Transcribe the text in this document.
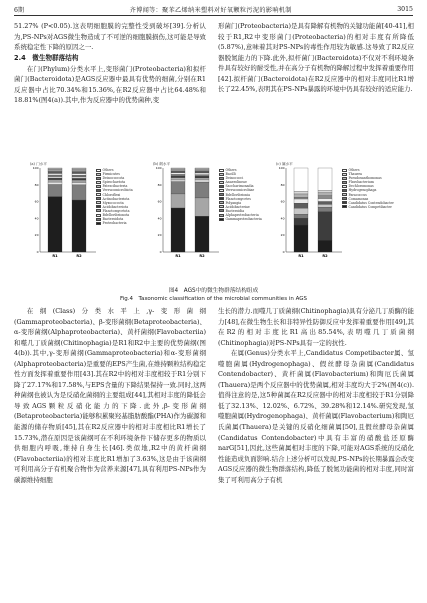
6期	齐博闻等：聚苯乙烯纳米塑料对好氧颗粒污泥的影响机制	3015

51.27% (P<0.05).这表明细胞膜的完整性受到破坏[39].分析认为,PS-NPs对AGS微生物造成了不可逆的细胞膜损伤,这可能是导致系统稳定性下降的原因之一.

2.4　微生物群落结构

在门(Phylum)分类水平上,变形菌门(Proteobacteria)和拟杆菌门(Bacteroidota)是AGS反应器中最具有优势的细菌,分别在R1反应器中占比70.34%和15.36%,在R2反应器中占比64.48%和18.81%(图4(a)).其中,作为反应器中的优势菌种,变

形菌门(Proteobacteria)是具有降解有机物的关键功能菌[40-41],相较于R1,R2中变形菌门(Proteobacteria)的相对丰度有所降低(5.87%),意味着其对PS-NPs的毒性作用较为敏感.这导致了R2反应器脱氮能力的下降.此外,拟杆菌门(Bacteroidota)不仅对不利环境条件具有较好的耐受性,并在高分子有机物的降解过程中发挥着重要作用[42].拟杆菌门(Bacteroidota)在R2反应器中的相对丰度同比R1增长了22.45%,表明其在PS-NPs暴露的环境中仍具有较好的适应能力.

(a) 门水平
0
20
40
60
80
100
R1	R2
Others
Firmicutes
Deinococcota
Spirochaetota
Patescibacteria
Verrucomicrobiota
Chloroflexi
Actinobacteriota
Myxococcota
Acidobacteriota
Planctomycetota
Bdellovibrionota
Bacteroidota
Proteobacteria
(b) 纲水平
0
20
40
60
80
100
R1	R2
Others
Bacilli
Deinococci
Anaerolineae
Saccharimonadia
Verrucomicrobiae
Bdellovibrionia
Planctomycetes
Polyangia
Acidobacteriae
Bacteroidia
Alphaproteobacteria
Gammaproteobacteria
(c) 属水平
0
20
40
60
80
100
R1	R2
Others
Thauera
Pseudoxanthomonas
Flavobacterium
Dechloromonas
Hydrogenophaga
Paracoccus
Comamonas
Candidatus Contendobacter
Candidatus Competibacter
图4　AGS中的微生物群落结构组成
Fig.4　Taxonomic classification of the microbial communities in AGS

在纲(Class)分类水平上,γ-变形菌纲(Gammaproteobacteria)、β-变形菌纲(Betaproteobacteria)、α-变形菌纲(Alphaproteobacteria)、黄杆菌纲(Flavobacteriia)和噬几丁质菌纲(Chitinophagia)是R1和R2中主要的优势菌纲(图4(b)).其中,γ-变形菌纲(Gammaproteobacteria)和α-变形菌纲(Alphaproteobacteria)是重要的EPS产生菌,在维持颗粒结构稳定性方面发挥着重要作用[43].其在R2中的相对丰度相较于R1分别下降了27.17%和17.58%,与EPS含量的下降结果保持一致.同时,这两种菌纲也被认为是反硝化菌纲的主要组成[44],其相对丰度的降低会导致AGS颗粒反硝化能力的下降.此外,β-变形菌纲(Betaproteobacteria)能够积累聚羟基脂肪酸酯(PHA)作为碳源和能源的储存物质[45],其在R2反应器中的相对丰度相比R1增长了15.73%,潜在原因是该菌纲可在不利环境条件下储存更多的物质以供细胞内呼吸,维持自身生长[46].类似地,R2中的黄杆菌纲(Flavobacteriia)的相对丰度比R1增加了3.63%,这是由于该菌纲可利用高分子有机聚合物作为营养来源[47],具有利用PS-NPs作为碳源维持细胞

生长的潜力.而噬几丁质菌纲(Chitinophagia)具有分泌几丁质酶的能力[48],在微生物生长和非特异性防御反应中发挥着重要作用[49],其在R2的相对丰度比R1高出85.54%,表明噬几丁质菌纲(Chitinophagia)对PS-NPs具有一定的抗性.

在属(Genus)分类水平上,Candidatus Competibacter属、氢噬胞菌属(Hydrogenophaga)、假丝酵母杂菌属(Candidatus Contendobacter)、黄杆菌属(Flavobacterium)和陶厄氏菌属(Thauera)是两个反应器中的优势菌属,相对丰度均大于2%(图4(c)).值得注意的是,这5种菌属在R2反应器中的相对丰度相较于R1分别降低了32.13%、12.02%、6.72%、39.28%和12.14%.研究发现,氢噬胞菌属(Hydrogenophaga)、黄杆菌属(Flavobacterium)和陶厄氏菌属(Thauera)是关键的反硝化细菌属[50],且假丝酵母杂菌属(Candidatus Contendobacter)中具有丰富的硝酸盐还原酶narG[51],因此,这些菌属相对丰度的下降,可能对AGS系统的反硝化性能造成负面影响.结合上述分析可以发现,PS-NPs的长期暴露会改变AGS反应器的微生物群落结构,降低了脱氮功能菌的相对丰度,同时富集了可利用高分子有机
